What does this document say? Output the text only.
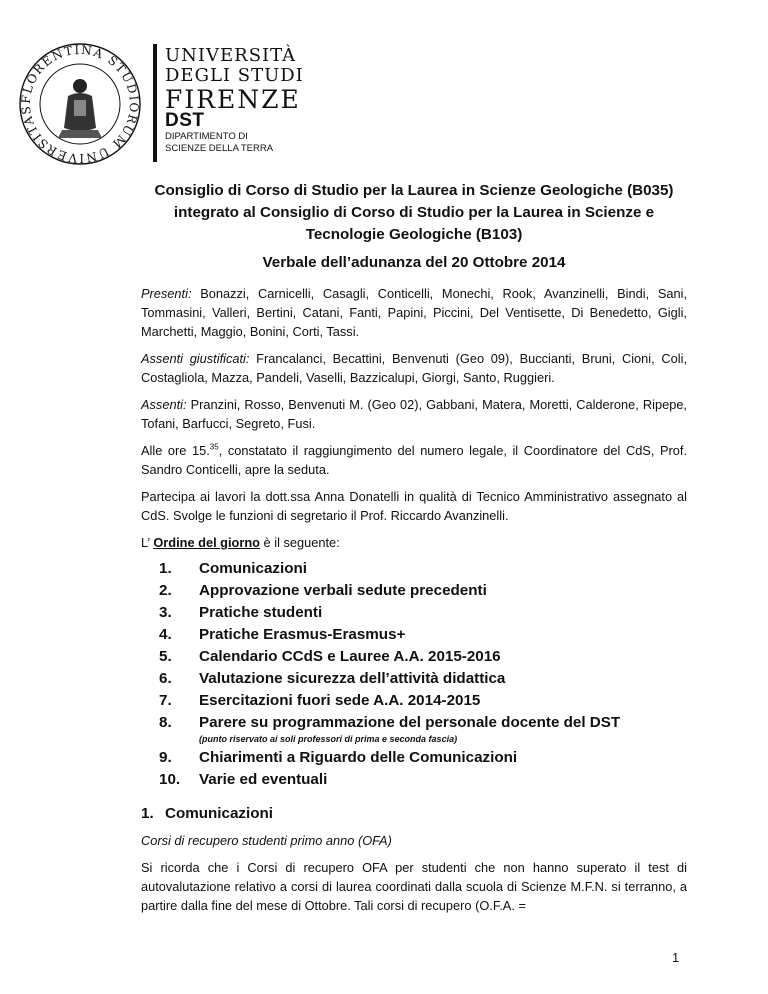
FLORENTINA STUDIORUM UNIVERSITAS
UNIVERSITÀ
DEGLI STUDI
FIRENZE
DST
DIPARTIMENTO DI
SCIENZE DELLA TERRA

Consiglio di Corso di Studio per la Laurea in Scienze Geologiche (B035) integrato al Consiglio di Corso di Studio per la Laurea in Scienze e Tecnologie Geologiche (B103)

Verbale dell’adunanza del 20 Ottobre 2014

Presenti: Bonazzi, Carnicelli, Casagli, Conticelli, Monechi, Rook, Avanzinelli, Bindi, Sani, Tommasini, Valleri, Bertini, Catani, Fanti, Papini, Piccini, Del Ventisette, Di Benedetto, Gigli, Marchetti, Maggio, Bonini, Corti, Tassi.

Assenti giustificati: Francalanci, Becattini, Benvenuti (Geo 09), Buccianti, Bruni, Cioni, Coli, Costagliola, Mazza, Pandeli, Vaselli, Bazzicalupi, Giorgi, Santo, Ruggieri.

Assenti: Pranzini, Rosso, Benvenuti M. (Geo 02), Gabbani, Matera, Moretti, Calderone, Ripepe, Tofani, Barfucci, Segreto, Fusi.

Alle ore 15.35, constatato il raggiungimento del numero legale, il Coordinatore del CdS, Prof. Sandro Conticelli, apre la seduta.

Partecipa ai lavori la dott.ssa Anna Donatelli in qualità di Tecnico Amministrativo assegnato al CdS. Svolge le funzioni di segretario il Prof. Riccardo Avanzinelli.

L’ Ordine del giorno è il seguente:

1.	Comunicazioni
2.	Approvazione verbali sedute precedenti
3.	Pratiche studenti
4.	Pratiche Erasmus-Erasmus+
5.	Calendario CCdS e Lauree A.A. 2015-2016
6.	Valutazione sicurezza dell’attività didattica
7.	Esercitazioni fuori sede A.A. 2014-2015
8.	Parere su programmazione del personale docente del DST
(punto riservato ai soli professori di prima e seconda fascia)
9.	Chiarimenti a Riguardo delle Comunicazioni
10.	Varie ed eventuali
1. Comunicazioni

Corsi di recupero studenti primo anno (OFA)

Si ricorda che i Corsi di recupero OFA per studenti che non hanno superato il test di autovalutazione relativo a corsi di laurea coordinati dalla scuola di Scienze M.F.N. si terranno, a partire dalla fine del mese di Ottobre. Tali corsi di recupero (O.F.A. =

1
